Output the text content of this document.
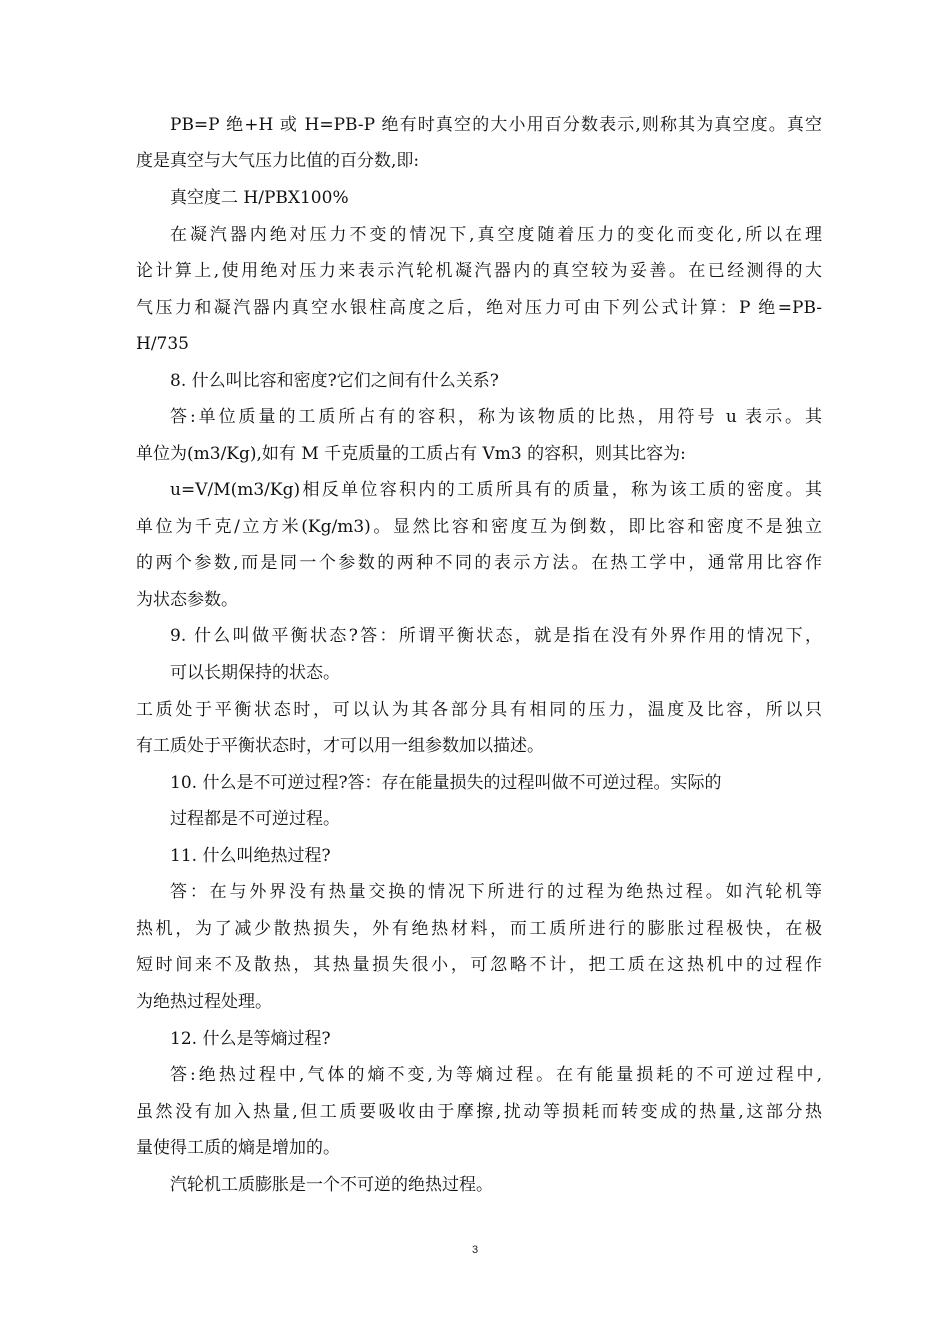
PB=P 绝+H 或 H=PB-P 绝有时真空的大小用百分数表示,则称其为真空度。真空
度是真空与大气压力比值的百分数,即:
真空度二 H/PBX100%
在凝汽器内绝对压力不变的情况下,真空度随着压力的变化而变化,所以在理
论计算上,使用绝对压力来表示汽轮机凝汽器内的真空较为妥善。在已经测得的大
气压力和凝汽器内真空水银柱高度之后，绝对压力可由下列公式计算：P 绝=PB-
H/735
8. 什么叫比容和密度?它们之间有什么关系?
答:单位质量的工质所占有的容积，称为该物质的比热，用符号 u 表示。其
单位为(m3/Kg),如有 M 千克质量的工质占有 Vm3 的容积，则其比容为:
u=V/M(m3/Kg)相反单位容积内的工质所具有的质量，称为该工质的密度。其
单位为千克/立方米(Kg/m3)。显然比容和密度互为倒数，即比容和密度不是独立
的两个参数,而是同一个参数的两种不同的表示方法。在热工学中，通常用比容作
为状态参数。
9. 什么叫做平衡状态?答：所谓平衡状态，就是指在没有外界作用的情况下，
可以长期保持的状态。
工质处于平衡状态时，可以认为其各部分具有相同的压力，温度及比容，所以只
有工质处于平衡状态时，才可以用一组参数加以描述。
10. 什么是不可逆过程?答：存在能量损失的过程叫做不可逆过程。实际的
过程都是不可逆过程。
11. 什么叫绝热过程?
答：在与外界没有热量交换的情况下所进行的过程为绝热过程。如汽轮机等
热机，为了减少散热损失，外有绝热材料，而工质所进行的膨胀过程极快，在极
短时间来不及散热，其热量损失很小，可忽略不计，把工质在这热机中的过程作
为绝热过程处理。
12. 什么是等熵过程?
答:绝热过程中,气体的熵不变,为等熵过程。在有能量损耗的不可逆过程中,
虽然没有加入热量,但工质要吸收由于摩擦,扰动等损耗而转变成的热量,这部分热
量使得工质的熵是增加的。
汽轮机工质膨胀是一个不可逆的绝热过程。
3
